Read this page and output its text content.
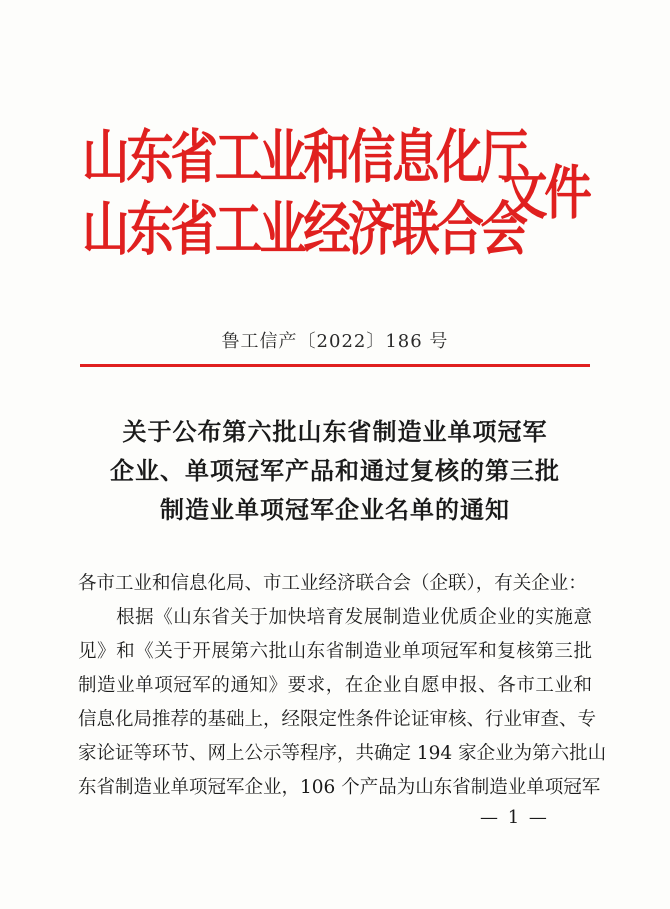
山东省工业和信息化厅
山东省工业经济联合会
文件
鲁工信产〔2022〕186 号
关于公布第六批山东省制造业单项冠军
企业、单项冠军产品和通过复核的第三批
制造业单项冠军企业名单的通知
各市工业和信息化局、市工业经济联合会（企联），有关企业：
　　根据《山东省关于加快培育发展制造业优质企业的实施意
见》和《关于开展第六批山东省制造业单项冠军和复核第三批
制造业单项冠军的通知》要求，在企业自愿申报、各市工业和
信息化局推荐的基础上，经限定性条件论证审核、行业审查、专
家论证等环节、网上公示等程序，共确定 194 家企业为第六批山
东省制造业单项冠军企业，106 个产品为山东省制造业单项冠军
— 1 —
